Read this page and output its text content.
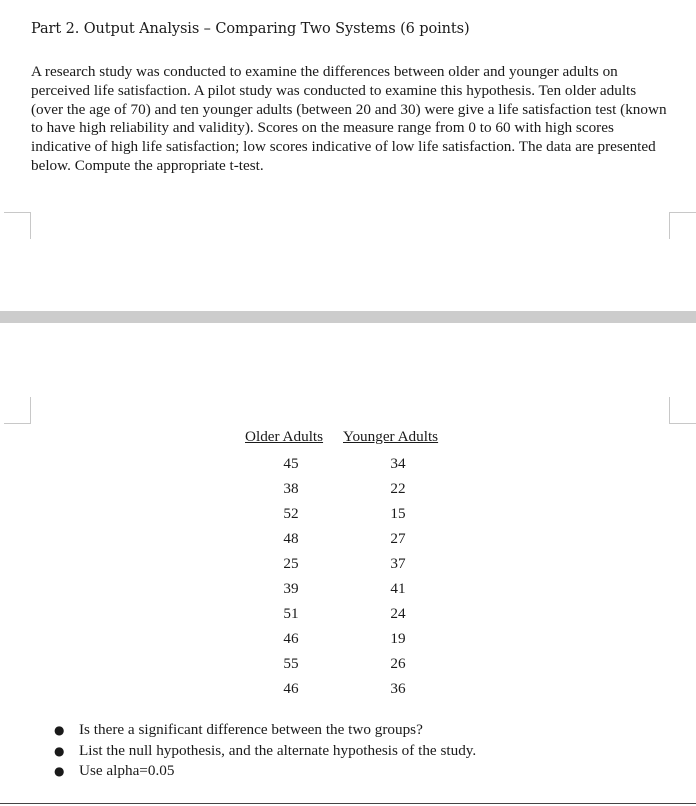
Part 2. Output Analysis – Comparing Two Systems (6 points)

A research study was conducted to examine the differences between older and younger adults on perceived life satisfaction. A pilot study was conducted to examine this hypothesis. Ten older adults (over the age of 70) and ten younger adults (between 20 and 30) were give a life satisfaction test (known to have high reliability and validity). Scores on the measure range from 0 to 60 with high scores indicative of high life satisfaction; low scores indicative of low life satisfaction. The data are presented below. Compute the appropriate t-test.

Older Adults
45
38
52
48
25
39
51
46
55
46
Younger Adults
34
22
15
27
37
41
24
19
26
36
● Is there a significant difference between the two groups?
● List the null hypothesis, and the alternate hypothesis of the study.
● Use alpha=0.05
